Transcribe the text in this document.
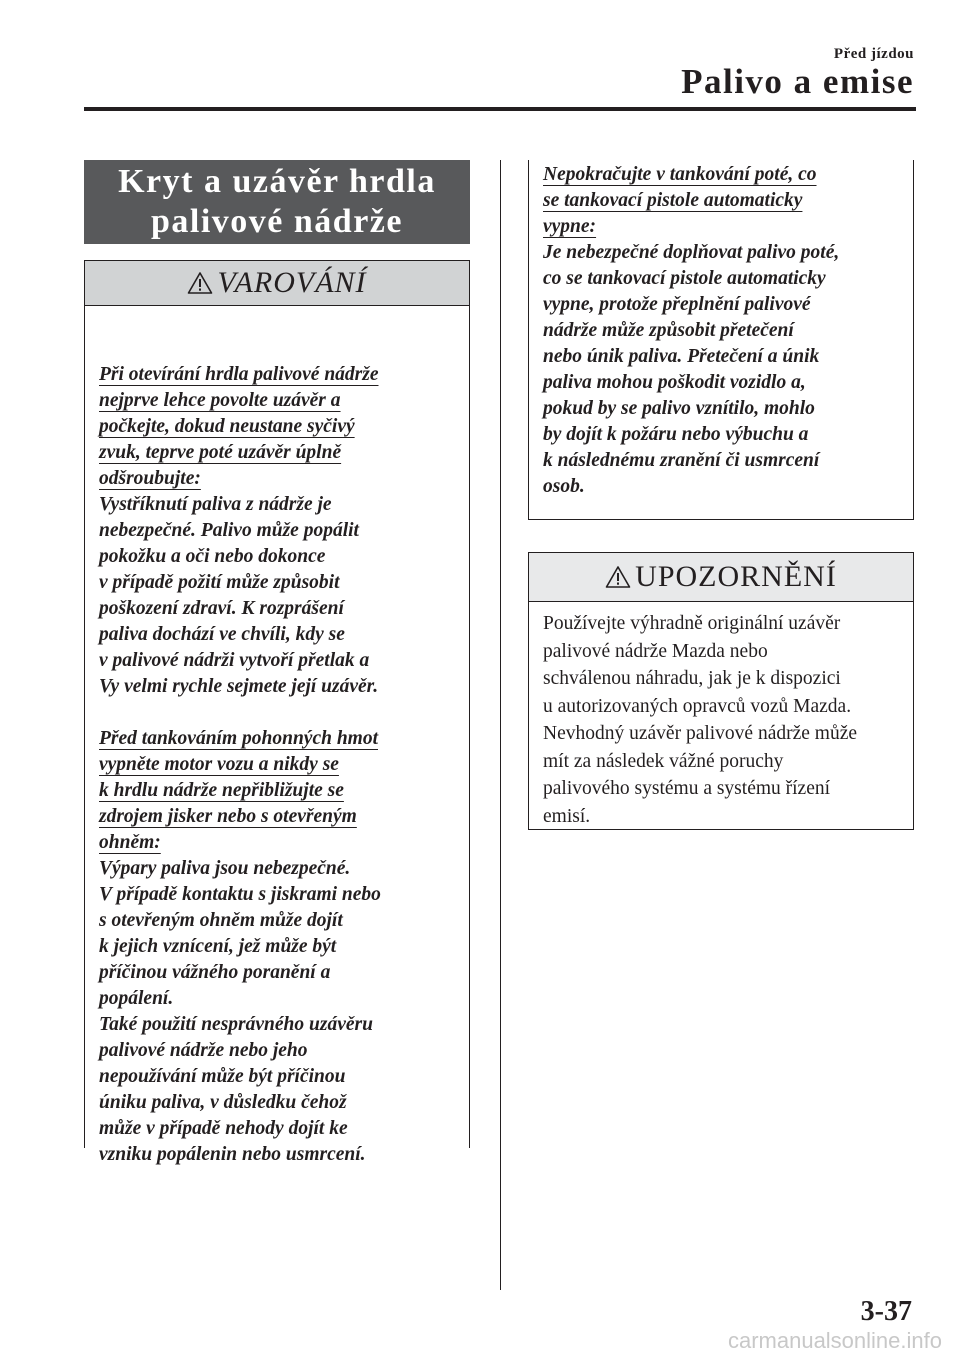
Před jízdou
Palivo a emise
Kryt a uzávěr hrdla
palivové nádrže
VAROVÁNÍ

Při otevírání hrdla palivové nádrže

nejprve lehce povolte uzávěr a

počkejte, dokud neustane syčivý

zvuk, teprve poté uzávěr úplně

odšroubujte:

Vystříknutí paliva z nádrže je

nebezpečné. Palivo může popálit

pokožku a oči nebo dokonce

v případě požití může způsobit

poškození zdraví. K rozprášení

paliva dochází ve chvíli, kdy se

v palivové nádrži vytvoří přetlak a

Vy velmi rychle sejmete její uzávěr.

Před tankováním pohonných hmot

vypněte motor vozu a nikdy se

k hrdlu nádrže nepřibližujte se

zdrojem jisker nebo s otevřeným

ohněm:

Výpary paliva jsou nebezpečné.

V případě kontaktu s jiskrami nebo

s otevřeným ohněm může dojít

k jejich vznícení, jež může být

příčinou vážného poranění a

popálení.

Také použití nesprávného uzávěru

palivové nádrže nebo jeho

nepoužívání může být příčinou

úniku paliva, v důsledku čehož

může v případě nehody dojít ke

vzniku popálenin nebo usmrcení.

Nepokračujte v tankování poté, co

se tankovací pistole automaticky

vypne:

Je nebezpečné doplňovat palivo poté,

co se tankovací pistole automaticky

vypne, protože přeplnění palivové

nádrže může způsobit přetečení

nebo únik paliva. Přetečení a únik

paliva mohou poškodit vozidlo a,

pokud by se palivo vznítilo, mohlo

by dojít k požáru nebo výbuchu a

k následnému zranění či usmrcení

osob.

UPOZORNĚNÍ

Používejte výhradně originální uzávěr

palivové nádrže Mazda nebo

schválenou náhradu, jak je k dispozici

u autorizovaných opravců vozů Mazda.

Nevhodný uzávěr palivové nádrže může

mít za následek vážné poruchy

palivového systému a systému řízení

emisí.

3-37
carmanualsonline.info
